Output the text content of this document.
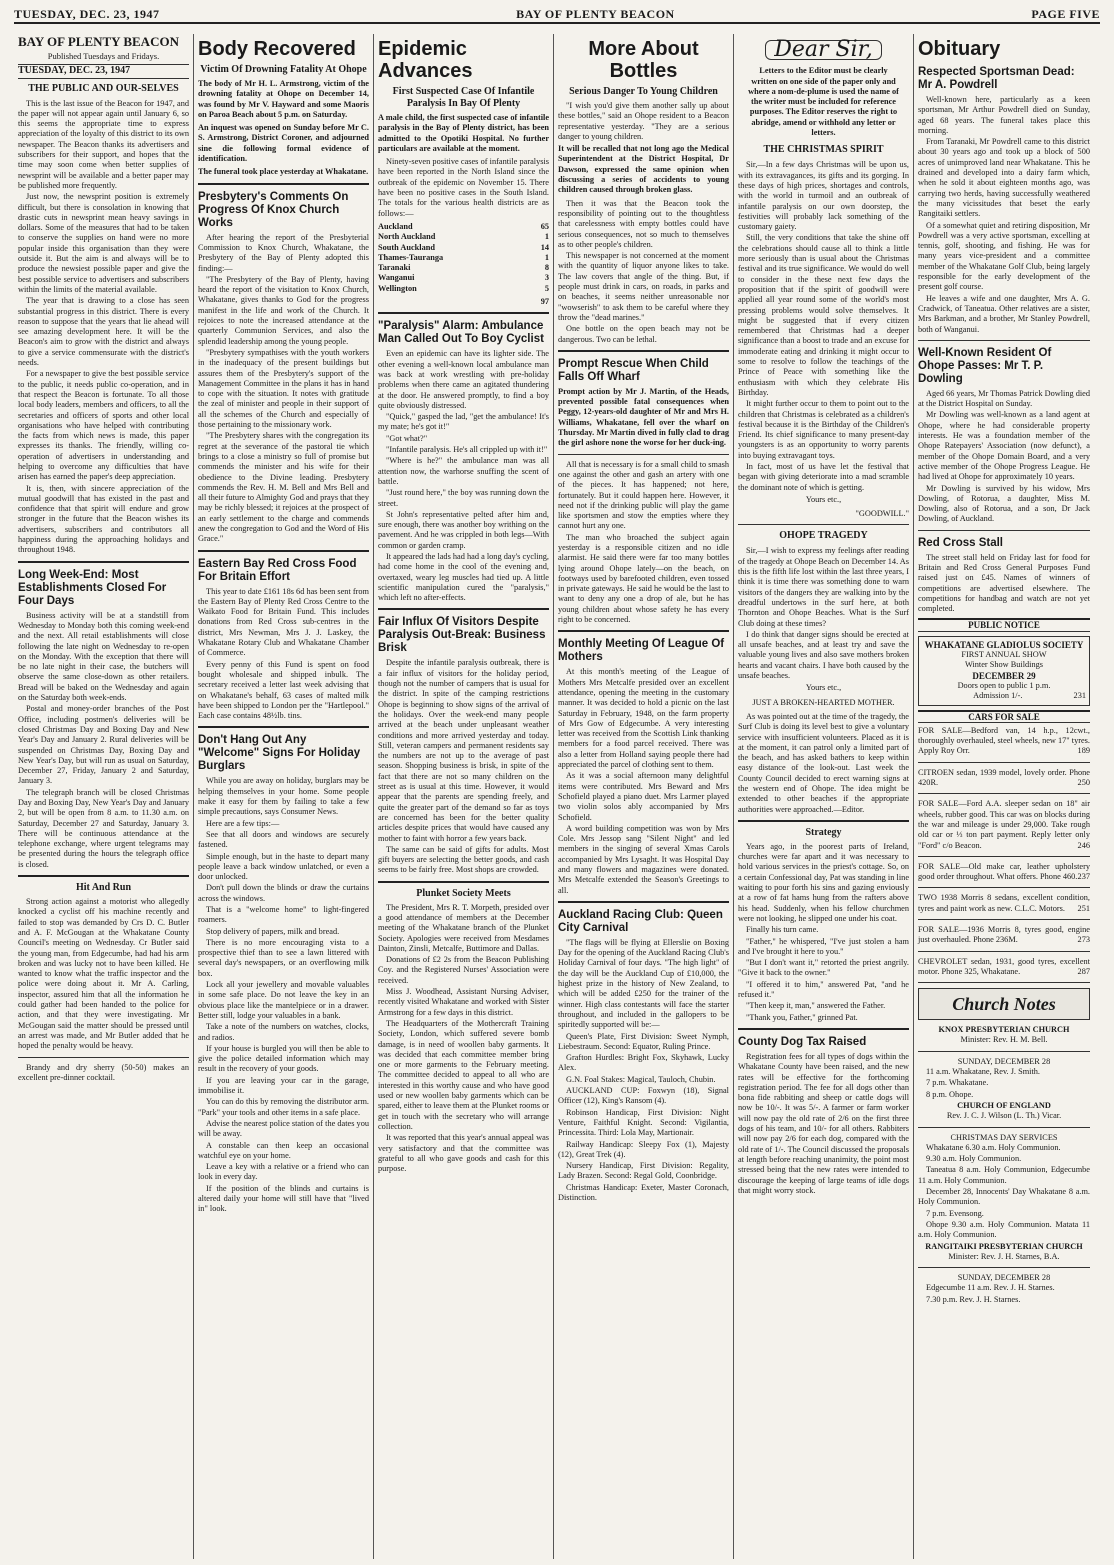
TUESDAY, DEC. 23, 1947	BAY OF PLENTY BEACON	PAGE FIVE
BAY OF PLENTY BEACON
Published Tuesdays and Fridays.
TUESDAY, DEC. 23, 1947
THE PUBLIC AND OUR-SELVES

This is the last issue of the Beacon for 1947, and the paper will not appear again until January 6, so this seems the appropriate time to express appreciation of the loyalty of this district to its own newspaper. The Beacon thanks its advertisers and subscribers for their support, and hopes that the time may soon come when better supplies of newsprint will be available and a better paper may be published more frequently.

Just now, the newsprint position is extremely difficult, but there is consolation in knowing that drastic cuts in newsprint mean heavy savings in dollars. Some of the measures that had to be taken to conserve the supplies on hand were no more popular inside this organisation than they were outside it. But the aim is and always will be to produce the newsiest possible paper and give the best possible service to advertisers and subscribers within the limits of the material available.

The year that is drawing to a close has seen substantial progress in this district. There is every reason to suppose that the years that lie ahead will see amazing development here. It will be the Beacon's aim to grow with the district and always to give a service commensurate with the district's needs.

For a newspaper to give the best possible service to the public, it needs public co-operation, and in that respect the Beacon is fortunate. To all those local body leaders, members and officers, to all the secretaries and officers of sports and other local organisations who have helped with contributing the facts from which news is made, this paper expresses its thanks. The friendly, willing co-operation of advertisers in understanding and helping to overcome any difficulties that have arisen has earned the paper's deep appreciation.

It is, then, with sincere appreciation of the mutual goodwill that has existed in the past and confidence that that spirit will endure and grow stronger in the future that the Beacon wishes its advertisers, subscribers and contributors all happiness during the approaching holidays and throughout 1948.

Long Week-End: Most Establishments Closed For Four Days

Business activity will be at a standstill from Wednesday to Monday both this coming week-end and the next. All retail establishments will close following the late night on Wednesday to re-open on the Monday. With the exception that there will be no late night in their case, the butchers will observe the same close-down as other retailers. Bread will be baked on the Wednesday and again on the Saturday both week-ends.

Postal and money-order branches of the Post Office, including postmen's deliveries will be closed Christmas Day and Boxing Day and New Year's Day and January 2. Rural deliveries will be suspended on Christmas Day, Boxing Day and New Year's Day, but will run as usual on Saturday, December 27, Friday, January 2 and Saturday, January 3.

The telegraph branch will be closed Christmas Day and Boxing Day, New Year's Day and January 2, but will be open from 8 a.m. to 11.30 a.m. on Saturday, December 27 and Saturday, January 3. There will be continuous attendance at the telephone exchange, where urgent telegrams may be presented during the hours the telegraph office is closed.

Hit And Run

Strong action against a motorist who allegedly knocked a cyclist off his machine recently and failed to stop was demanded by Crs D. C. Butler and A. F. McGougan at the Whakatane County Council's meeting on Wednesday. Cr Butler said the young man, from Edgecumbe, had had his arm broken and was lucky not to have been killed. He wanted to know what the traffic inspector and the police were doing about it. Mr A. Carling, inspector, assured him that all the information he could gather had been handed to the police for action, and that they were investigating. Mr McGougan said the matter should be pressed until an arrest was made, and Mr Butler added that he hoped the penalty would be heavy.

Brandy and dry sherry (50-50) makes an excellent pre-dinner cocktail.

Body Recovered
Victim Of Drowning Fatality At Ohope
The body of Mr H. L. Armstrong, victim of the drowning fatality at Ohope on December 14, was found by Mr V. Hayward and some Maoris on Paroa Beach about 5 p.m. on Saturday.
An inquest was opened on Sunday before Mr C. S. Armstrong, District Coroner, and adjourned sine die following formal evidence of identification.
The funeral took place yesterday at Whakatane.
Presbytery's Comments On Progress Of Knox Church Works

After hearing the report of the Presbyterial Commission to Knox Church, Whakatane, the Presbytery of the Bay of Plenty adopted this finding:—

"The Presbytery of the Bay of Plenty, having heard the report of the visitation to Knox Church, Whakatane, gives thanks to God for the progress manifest in the life and work of the Church. It rejoices to note the increased attendance at the quarterly Communion Services, and also the splendid leadership among the young people.

"Presbytery sympathises with the youth workers in the inadequacy of the present buildings but assures them of the Presbytery's support of the Management Committee in the plans it has in hand to cope with the situation. It notes with gratitude the zeal of minister and people in their support of all the schemes of the Church and especially of those pertaining to the missionary work.

"The Presbytery shares with the congregation its regret at the severance of the pastoral tie which brings to a close a ministry so full of promise but commends the minister and his wife for their obedience to the Divine leading. Presbytery commends the Rev. H. M. Bell and Mrs Bell and all their future to Almighty God and prays that they may be richly blessed; it rejoices at the prospect of an early settlement to the charge and commends anew the congregation to God and the Word of His Grace."

Eastern Bay Red Cross Food For Britain Effort

This year to date £161 18s 6d has been sent from the Eastern Bay of Plenty Red Cross Centre to the Waikato Food for Britain Fund. This includes donations from Red Cross sub-centres in the district, Mrs Newman, Mrs J. J. Laskey, the Whakatane Rotary Club and Whakatane Chamber of Commerce.

Every penny of this Fund is spent on food bought wholesale and shipped inbulk. The secretary received a letter last week advising that on Whakatane's behalf, 63 cases of malted milk have been shipped to London per the "Hartlepool." Each case contains 48½lb. tins.

Don't Hang Out Any "Welcome" Signs For Holiday Burglars

While you are away on holiday, burglars may be helping themselves in your home. Some people make it easy for them by failing to take a few simple precautions, says Consumer News.

Here are a few tips:—

See that all doors and windows are securely fastened.

Simple enough, but in the haste to depart many people leave a back window unlatched, or even a door unlocked.

Don't pull down the blinds or draw the curtains across the windows.

That is a "welcome home" to light-fingered roamers.

Stop delivery of papers, milk and bread.

There is no more encouraging vista to a prospective thief than to see a lawn littered with several day's newspapers, or an overflowing milk box.

Lock all your jewellery and movable valuables in some safe place. Do not leave the key in an obvious place like the mantelpiece or in a drawer. Better still, lodge your valuables in a bank.

Take a note of the numbers on watches, clocks, and radios.

If your house is burgled you will then be able to give the police detailed information which may result in the recovery of your goods.

If you are leaving your car in the garage, immobilise it.

You can do this by removing the distributor arm. "Park" your tools and other items in a safe place.

Advise the nearest police station of the dates you will be away.

A constable can then keep an occasional watchful eye on your home.

Leave a key with a relative or a friend who can look in every day.

If the position of the blinds and curtains is altered daily your home will still have that "lived in" look.

Epidemic Advances
First Suspected Case Of Infantile Paralysis In Bay Of Plenty
A male child, the first suspected case of infantile paralysis in the Bay of Plenty district, has been admitted to the Opotiki Hospital. No further particulars are available at the moment.

Ninety-seven positive cases of infantile paralysis have been reported in the North Island since the outbreak of the epidemic on November 15. There have been no positive cases in the South Island. The totals for the various health districts are as follows:—

Auckland	65
North Auckland	1
South Auckland	14
Thames-Tauranga	1
Taranaki	8
Wanganui	3
Wellington	5
97
"Paralysis" Alarm: Ambulance Man Called Out To Boy Cyclist

Even an epidemic can have its lighter side. The other evening a well-known local ambulance man was back at work wrestling with pre-holiday problems when there came an agitated thundering at the door. He answered promptly, to find a boy quite obviously distressed.

"Quick," gasped the lad, "get the ambulance! It's my mate; he's got it!"

"Got what?"

"Infantile paralysis. He's all crippled up with it!"

"Where is he?" the ambulance man was all attention now, the warhorse snuffing the scent of battle.

"Just round here," the boy was running down the street.

St John's representative pelted after him and, sure enough, there was another boy writhing on the pavement. And he was crippled in both legs—With common or garden cramp.

It appeared the lads had had a long day's cycling, had come home in the cool of the evening and, overtaxed, weary leg muscles had tied up. A little scientific manipulation cured the "paralysis," which left no after-effects.

Fair Influx Of Visitors Despite Paralysis Out-Break: Business Brisk

Despite the infantile paralysis outbreak, there is a fair influx of visitors for the holiday period, though not the number of campers that is usual for the district. In spite of the camping restrictions Ohope is beginning to show signs of the arrival of the holidays. Over the week-end many people arrived at the beach under unpleasant weather conditions and more arrived yesterday and today. Still, veteran campers and permanent residents say the numbers are not up to the average of past season. Shopping business is brisk, in spite of the fact that there are not so many children on the street as is usual at this time. However, it would appear that the parents are spending freely, and quite the greater part of the demand so far as toys are concerned has been for the better quality articles despite prices that would have caused any mother to faint with horror a few years back.

The same can be said of gifts for adults. Most gift buyers are selecting the better goods, and cash seems to be fairly free. Most shops are crowded.

Plunket Society Meets

The President, Mrs R. T. Morpeth, presided over a good attendance of members at the December meeting of the Whakatane branch of the Plunket Society. Apologies were received from Mesdames Dainton, Zinsli, Metcalfe, Buttimore and Dallas.

Donations of £2 2s from the Beacon Publishing Coy. and the Registered Nurses' Association were received.

Miss J. Woodhead, Assistant Nursing Adviser, recently visited Whakatane and worked with Sister Armstrong for a few days in this district.

The Headquarters of the Mothercraft Training Society, London, which suffered severe bomb damage, is in need of woollen baby garments. It was decided that each committee member bring one or more garments to the February meeting. The committee decided to appeal to all who are interested in this worthy cause and who have good used or new woollen baby garments which can be spared, either to leave them at the Plunket rooms or get in touch with the secretary who will arrange collection.

It was reported that this year's annual appeal was very satisfactory and that the committee was grateful to all who gave goods and cash for this purpose.

More About Bottles
Serious Danger To Young Children

"I wish you'd give them another sally up about these bottles," said an Ohope resident to a Beacon representative yesterday. "They are a serious danger to young children.

It will be recalled that not long ago the Medical Superintendent at the District Hospital, Dr Dawson, expressed the same opinion when discussing a series of accidents to young children caused through broken glass.

Then it was that the Beacon took the responsibility of pointing out to the thoughtless that carelessness with empty bottles could have serious consequences, not so much to themselves as to other people's children.

This newspaper is not concerned at the moment with the quantity of liquor anyone likes to take. The law covers that angle of the thing. But, if people must drink in cars, on roads, in parks and on beaches, it seems neither unreasonable nor "wowserish" to ask them to be careful where they throw the "dead marines."

One bottle on the open beach may not be dangerous. Two can be lethal.

Prompt Rescue When Child Falls Off Wharf
Prompt action by Mr J. Martin, of the Heads, prevented possible fatal consequences when Peggy, 12-years-old daughter of Mr and Mrs H. Williams, Whakatane, fell over the wharf on Thursday. Mr Martin dived in fully clad to drag the girl ashore none the worse for her duck-ing.

All that is necessary is for a small child to smash one against the other and gash an artery with one of the pieces. It has happened; not here, fortunately. But it could happen here. However, it need not if the drinking public will play the game like sportsmen and stow the empties where they cannot hurt any one.

The man who broached the subject again yesterday is a responsible citizen and no idle alarmist. He said there were far too many bottles lying around Ohope lately—on the beach, on footways used by barefooted children, even tossed in private gateways. He said he would be the last to want to deny any one a drop of ale, but he has young children about whose safety he has every right to be concerned.

Monthly Meeting Of League Of Mothers

At this month's meeting of the League of Mothers Mrs Metcalfe presided over an excellent attendance, opening the meeting in the customary manner. It was decided to hold a picnic on the last Saturday in February, 1948, on the farm property of Mrs Gow of Edgecumbe. A very interesting letter was received from the Scottish Link thanking members for a food parcel received. There was also a letter from Holland saying people there had appreciated the parcel of clothing sent to them.

As it was a social afternoon many delightful items were contributed. Mrs Beward and Mrs Schofield played a piano duet. Mrs Larmer played two violin solos ably accompanied by Mrs Schofield.

A word building competition was won by Mrs Cole. Mrs Jessop sang "Silent Night" and led members in the singing of several Xmas Carols accompanied by Mrs Lysaght. It was Hospital Day and many flowers and magazines were donated. Mrs Metcalfe extended the Season's Greetings to all.

Auckland Racing Club: Queen City Carnival

"The flags will be flying at Ellerslie on Boxing Day for the opening of the Auckland Racing Club's Holiday Carnival of four days. "The high light" of the day will be the Auckland Cup of £10,000, the highest prize in the history of New Zealand, to which will be added £250 for the trainer of the winner. High class contestants will face the starter throughout, and included in the gallopers to be spiritedly supported will be:—

Queen's Plate, First Division: Sweet Nymph, Liebestraum. Second: Equator, Ruling Prince.

Grafton Hurdles: Bright Fox, Skyhawk, Lucky Alex.

G.N. Foal Stakes: Magical, Tauloch, Chubin.

AUCKLAND CUP: Foxwyn (18), Signal Officer (12), King's Ransom (4).

Robinson Handicap, First Division: Night Venture, Faithful Knight. Second: Vigilantia, Princessita. Third: Lola May, Martionair.

Railway Handicap: Sleepy Fox (1), Majesty (12), Great Trek (4).

Nursery Handicap, First Division: Regality, Lady Brazen. Second: Regal Gold, Coonbridge.

Christmas Handicap: Exeter, Master Coronach, Distinction.

Dear Sir,
Letters to the Editor must be clearly written on one side of the paper only and where a nom-de-plume is used the name of the writer must be included for reference purposes. The Editor reserves the right to abridge, amend or withhold any letter or letters.
THE CHRISTMAS SPIRIT

Sir,—In a few days Christmas will be upon us, with its extravagances, its gifts and its gorging. In these days of high prices, shortages and controls, with the world in turmoil and an outbreak of infantile paralysis on our own doorstep, the festivities will probably lack something of the customary gaiety.

Still, the very conditions that take the shine off the celebrations should cause all to think a little more seriously than is usual about the Christmas festival and its true significance. We would do well to consider in the these next few days the proposition that if the spirit of goodwill were applied all year round some of the world's most pressing problems would solve themselves. It might be suggested that if every citizen remembered that Christmas had a deeper significance than a boost to trade and an excuse for immoderate eating and drinking it might occur to some to resolve to follow the teachings of the Prince of Peace with something like the enthusiasm with which they celebrate His Birthday.

It might further occur to them to point out to the children that Christmas is celebrated as a children's festival because it is the Birthday of the Children's Friend. Its chief significance to many present-day youngsters is as an opportunity to worry parents into buying extravagant toys.

In fact, most of us have let the festival that began with giving deteriorate into a mad scramble the dominant note of which is getting.

Yours etc.,
"GOODWILL."
OHOPE TRAGEDY

Sir,—I wish to express my feelings after reading of the tragedy at Ohope Beach on December 14. As this is the fifth life lost within the last three years, I think it is time there was something done to warn visitors of the dangers they are walking into by the dreadful undertows in the surf here, at both Thornton and Ohope Beaches. What is the Surf Club doing at these times?

I do think that danger signs should be erected at all unsafe beaches, and at least try and save the valuable young lives and also save mothers broken hearts and vacant chairs. I have both caused by the unsafe beaches.

Yours etc.,
JUST A BROKEN-HEARTED MOTHER.

As was pointed out at the time of the tragedy, the Surf Club is doing its level best to give a voluntary service with insufficient volunteers. Placed as it is at the moment, it can patrol only a limited part of the beach, and has asked bathers to keep within easy distance of the look-out. Last week the County Council decided to erect warning signs at the western end of Ohope. The idea might be extended to other beaches if the appropriate authorities were approached.—Editor.

Strategy

Years ago, in the poorest parts of Ireland, churches were far apart and it was necessary to hold various services in the priest's cottage. So, on a certain Confessional day, Pat was standing in line waiting to pour forth his sins and gazing enviously at a row of fat hams hung from the rafters above his head. Suddenly, when his fellow churchmen were not looking, he slipped one under his coat.

Finally his turn came.

"Father," he whispered, "I've just stolen a ham and I've brought it here to you."

"But I don't want it," retorted the priest angrily. "Give it back to the owner."

"I offered it to him," answered Pat, "and he refused it."

"Then keep it, man," answered the Father.

"Thank you, Father," grinned Pat.

County Dog Tax Raised

Registration fees for all types of dogs within the Whakatane County have been raised, and the new rates will be effective for the forthcoming registration period. The fee for all dogs other than bona fide rabbiting and sheep or cattle dogs will now be 10/-. It was 5/-. A farmer or farm worker will now pay the old rate of 2/6 on the first three dogs of his team, and 10/- for all others. Rabbiters will now pay 2/6 for each dog, compared with the old rate of 1/-. The Council discussed the proposals at length before reaching unanimity, the point most stressed being that the new rates were intended to discourage the keeping of large teams of idle dogs that might worry stock.

Obituary
Respected Sportsman Dead: Mr A. Powdrell

Well-known here, particularly as a keen sportsman, Mr Arthur Powdrell died on Sunday, aged 68 years. The funeral takes place this morning.

From Taranaki, Mr Powdrell came to this district about 30 years ago and took up a block of 500 acres of unimproved land near Whakatane. This he drained and developed into a dairy farm which, when he sold it about eighteen months ago, was carrying two herds, having successfully weathered the many vicissitudes that beset the early Rangitaiki settlers.

Of a somewhat quiet and retiring disposition, Mr Powdrell was a very active sportsman, excelling at tennis, golf, shooting, and fishing. He was for many years vice-president and a committee member of the Whakatane Golf Club, being largely responsible for the early development of the present golf course.

He leaves a wife and one daughter, Mrs A. G. Cradwick, of Taneatua. Other relatives are a sister, Mrs Barkman, and a brother, Mr Stanley Powdrell, both of Wanganui.

Well-Known Resident Of Ohope Passes: Mr T. P. Dowling

Aged 66 years, Mr Thomas Patrick Dowling died at the District Hospital on Sunday.

Mr Dowling was well-known as a land agent at Ohope, where he had considerable property interests. He was a foundation member of the Ohope Ratepayers' Association (now defunct), a member of the Ohope Domain Board, and a very active member of the Ohope Progress League. He had lived at Ohope for approximately 10 years.

Mr Dowling is survived by his widow, Mrs Dowling, of Rotorua, a daughter, Miss M. Dowling, also of Rotorua, and a son, Dr Jack Dowling, of Auckland.

Red Cross Stall

The street stall held on Friday last for food for Britain and Red Cross General Purposes Fund raised just on £45. Names of winners of competitions are advertised elsewhere. The competitions for handbag and watch are not yet completed.

PUBLIC NOTICE
WHAKATANE GLADIOLUS SOCIETY
FIRST ANNUAL SHOW
Winter Show Buildings
DECEMBER 29
Doors open to public 1 p.m.
Admission 1/-.	231
CARS FOR SALE
FOR SALE—Bedford van, 14 h.p., 12cwt., thoroughly overhauled, steel wheels, new 17" tyres. Apply Roy Orr.	189
CITROEN sedan, 1939 model, lovely order. Phone 420R.	250
FOR SALE—Ford A.A. sleeper sedan on 18" air wheels, rubber good. This car was on blocks during the war and mileage is under 29,000. Take rough old car or ⅓ ton part payment. Reply letter only "Ford" c/o Beacon.	246
FOR SALE—Old make car, leather upholstery good order throughout. What offers. Phone 460. 237
TWO 1938 Morris 8 sedans, excellent condition, tyres and paint work as new. C.L.C. Motors. 251
FOR SALE—1936 Morris 8, tyres good, engine just overhauled. Phone 236M.	273
CHEVROLET sedan, 1931, good tyres, excellent motor. Phone 325, Whakatane.	287
Church Notes
KNOX PRESBYTERIAN CHURCH
Minister: Rev. H. M. Bell.
SUNDAY, DECEMBER 28

11 a.m. Whakatane, Rev. J. Smith.

7 p.m. Whakatane.

8 p.m. Ohope.

CHURCH OF ENGLAND
Rev. J. C. J. Wilson (L. Th.) Vicar.
CHRISTMAS DAY SERVICES

Whakatane 6.30 a.m. Holy Communion.

9.30 a.m. Holy Communion.

Taneatua 8 a.m. Holy Communion, Edgecumbe 11 a.m. Holy Communion.

December 28, Innocents' Day Whakatane 8 a.m. Holy Communion.

7 p.m. Evensong.

Ohope 9.30 a.m. Holy Communion. Matata 11 a.m. Holy Communion.

RANGITAIKI PRESBYTERIAN CHURCH
Minister: Rev. J. H. Starnes, B.A.
SUNDAY, DECEMBER 28

Edgecumbe 11 a.m. Rev. J. H. Starnes.

7.30 p.m. Rev. J. H. Starnes.
